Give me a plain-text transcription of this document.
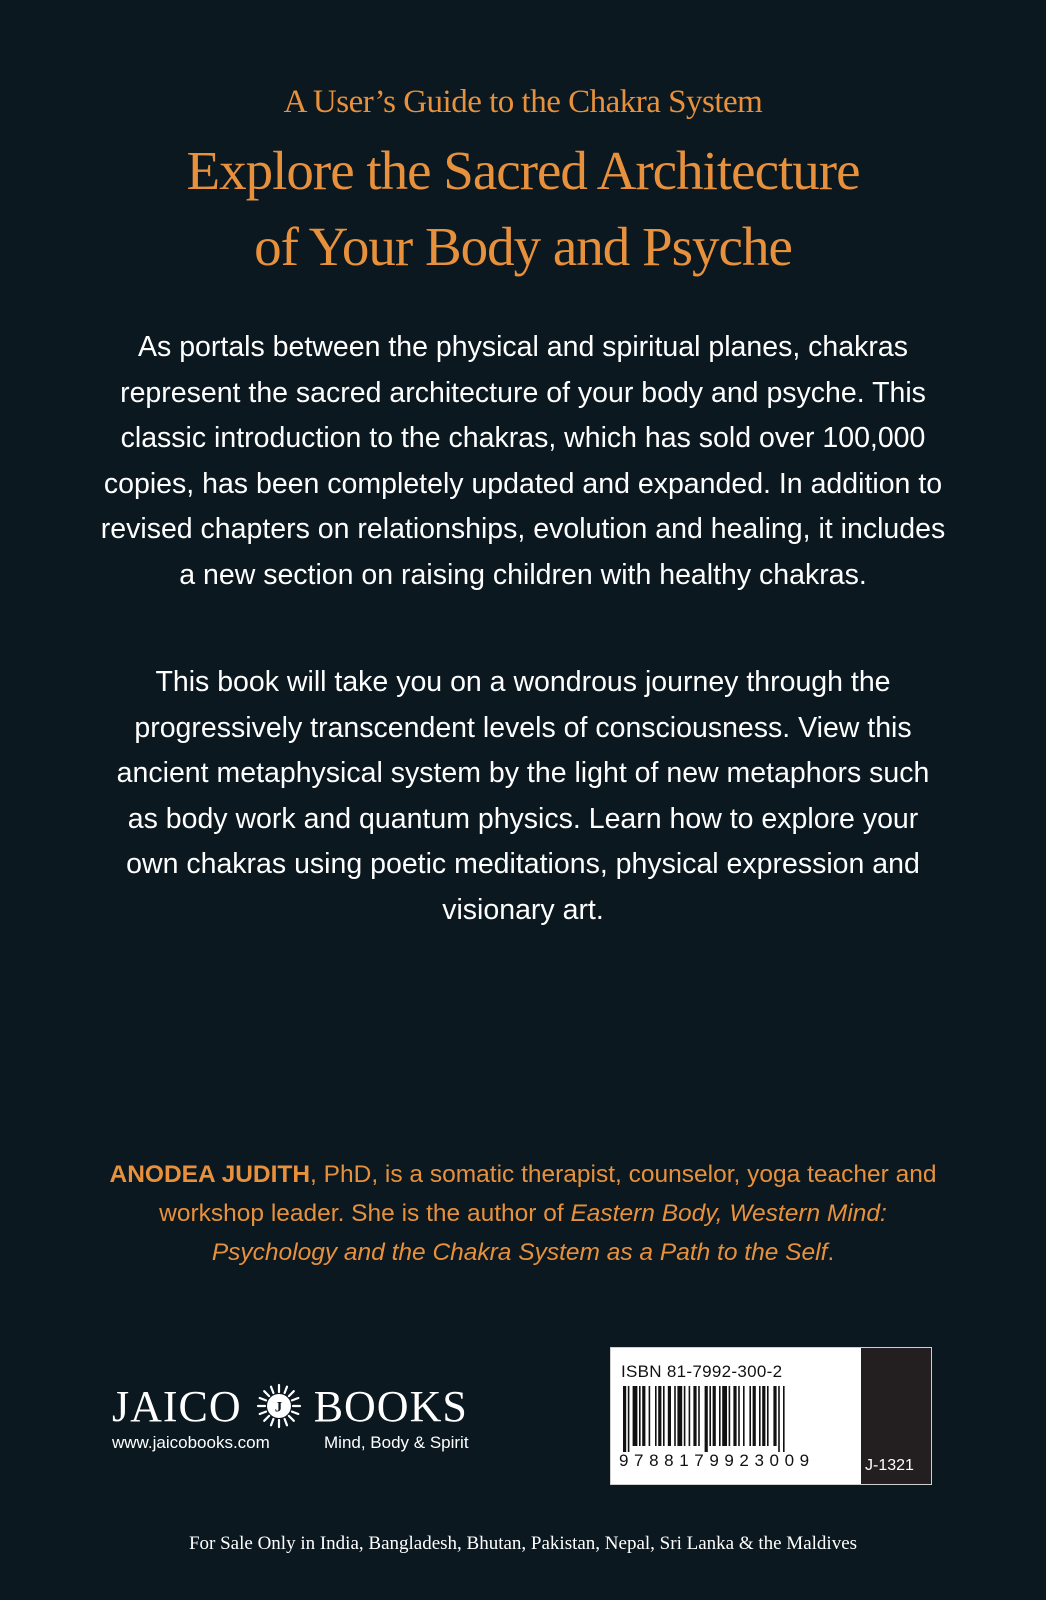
A User’s Guide to the Chakra System
Explore the Sacred Architecture
of Your Body and Psyche
As portals between the physical and spiritual planes, chakras represent the sacred architecture of your body and psyche. This classic introduction to the chakras, which has sold over 100,000 copies, has been completely updated and expanded. In addition to revised chapters on relationships, evolution and healing, it includes a new section on raising children with healthy chakras.
This book will take you on a wondrous journey through the progressively transcendent levels of consciousness. View this ancient metaphysical system by the light of new metaphors such as body work and quantum physics. Learn how to explore your own chakras using poetic meditations, physical expression and visionary art.
ANODEA JUDITH, PhD, is a somatic therapist, counselor, yoga teacher and workshop leader. She is the author of Eastern Body, Western Mind: Psychology and the Chakra System as a Path to the Self.
JAICO J BOOKS
www.jaicobooks.com	Mind, Body & Spirit
ISBN 81-7992-300-2
9788179923009	J-1321
For Sale Only in India, Bangladesh, Bhutan, Pakistan, Nepal, Sri Lanka & the Maldives
